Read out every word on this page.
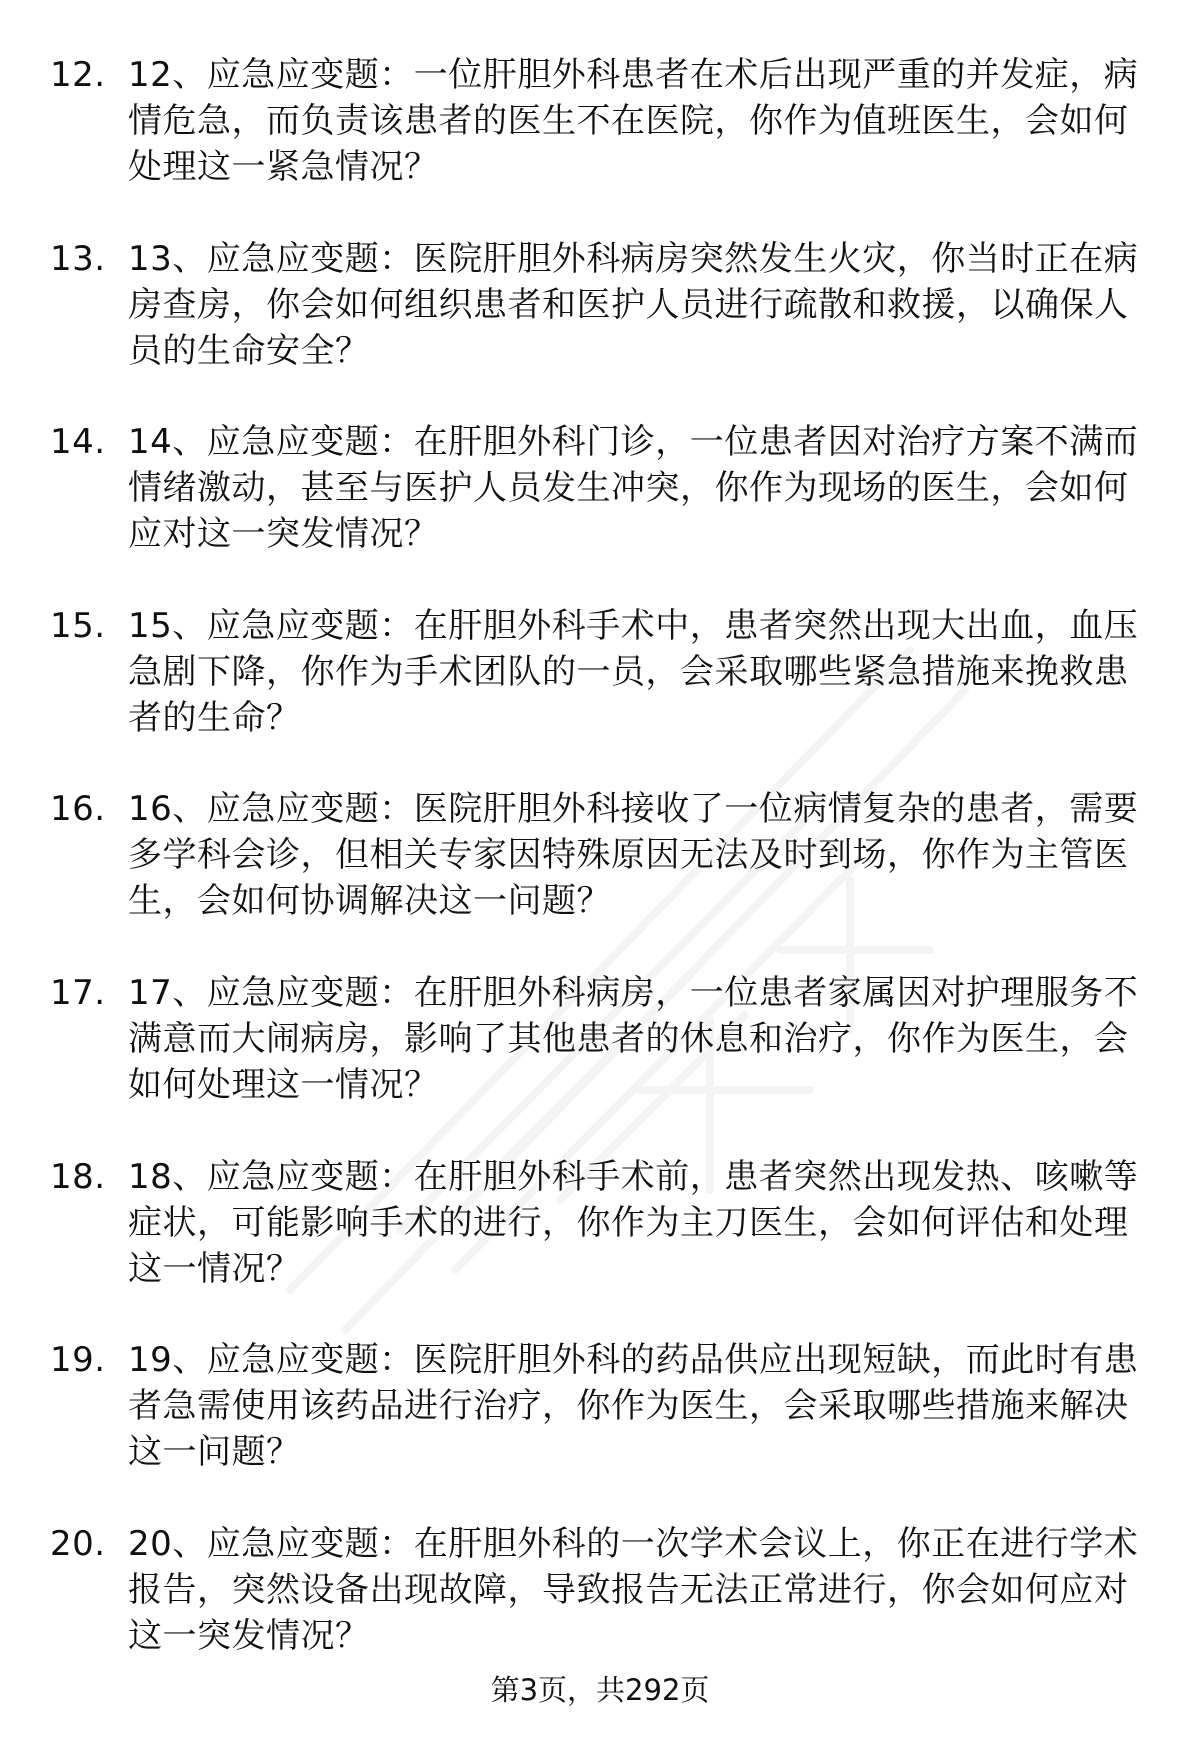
12. 12、应急应变题：一位肝胆外科患者在术后出现严重的并发症，病情危急，而负责该患者的医生不在医院，你作为值班医生，会如何处理这一紧急情况？
13. 13、应急应变题：医院肝胆外科病房突然发生火灾，你当时正在病房查房，你会如何组织患者和医护人员进行疏散和救援，以确保人员的生命安全？
14. 14、应急应变题：在肝胆外科门诊，一位患者因对治疗方案不满而情绪激动，甚至与医护人员发生冲突，你作为现场的医生，会如何应对这一突发情况？
15. 15、应急应变题：在肝胆外科手术中，患者突然出现大出血，血压急剧下降，你作为手术团队的一员，会采取哪些紧急措施来挽救患者的生命？
16. 16、应急应变题：医院肝胆外科接收了一位病情复杂的患者，需要多学科会诊，但相关专家因特殊原因无法及时到场，你作为主管医生，会如何协调解决这一问题？
17. 17、应急应变题：在肝胆外科病房，一位患者家属因对护理服务不满意而大闹病房，影响了其他患者的休息和治疗，你作为医生，会如何处理这一情况？
18. 18、应急应变题：在肝胆外科手术前，患者突然出现发热、咳嗽等症状，可能影响手术的进行，你作为主刀医生，会如何评估和处理这一情况？
19. 19、应急应变题：医院肝胆外科的药品供应出现短缺，而此时有患者急需使用该药品进行治疗，你作为医生，会采取哪些措施来解决这一问题？
20. 20、应急应变题：在肝胆外科的一次学术会议上，你正在进行学术报告，突然设备出现故障，导致报告无法正常进行，你会如何应对这一突发情况？
第3页，共292页
